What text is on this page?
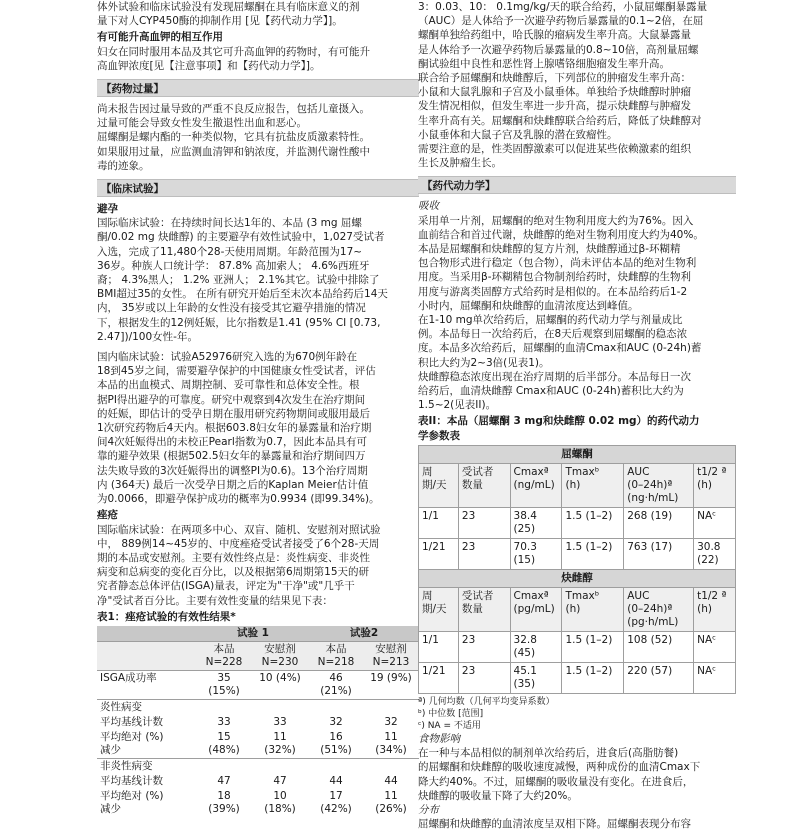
体外试验和临床试验没有发现屈螺酮在具有临床意义的剂

量下对人CYP450酶的抑制作用 [见【药代动力学】]。

有可能升高血钾的相互作用

妇女在同时服用本品及其它可升高血钾的药物时，有可能升

高血钾浓度[见【注意事项】和【药代动力学】]。

【药物过量】

尚未报告因过量导致的严重不良反应报告，包括儿童摄入。

过量可能会导致女性发生撤退性出血和恶心。

屈螺酮是螺内酯的一种类似物，它具有抗盐皮质激素特性。

如果服用过量，应监测血清钾和钠浓度，并监测代谢性酸中

毒的迹象。

【临床试验】

避孕

国际临床试验：在持续时间长达1年的、本品 (3 mg 屈螺

酮/0.02 mg 炔雌醇) 的主要避孕有效性试验中，1,027受试者

入选，完成了11,480个28-天使用周期。年龄范围为17~

36岁。种族人口统计学： 87.8% 高加索人； 4.6%西班牙

裔； 4.3%黑人； 1.2% 亚洲人； 2.1%其它。试验中排除了

BMI超过35的女性。 在所有研究开始后至末次本品给药后14天

内， 35岁或以上年龄的女性没有接受其它避孕措施的情况

下，根据发生的12例妊娠，比尔指数是1.41 (95% CI [0.73,

2.47])/100女性-年。

国内临床试验：试验A52976研究入选的为670例年龄在

18到45岁之间，需要避孕保护的中国健康女性受试者，评估

本品的出血模式、周期控制、妥可靠性和总体安全性。根

据PI得出避孕的可靠度。研究中观察到4次发生在治疗期间

的妊娠，即估计的受孕日期在服用研究药物期间或服用最后

1次研究药物后4天内。根据603.8妇女年的暴露量和治疗期

间4次妊娠得出的未校正Pearl指数为0.7，因此本品具有可

靠的避孕效果 (根据502.5妇女年的暴露量和治疗期间四万

法失败导致的3次妊娠得出的调整PI为0.6)。13个治疗周期

内 (364天) 最后一次受孕日期之后的Kaplan Meier估计值

为0.0066，即避孕保护成功的概率为0.9934 (即99.34%)。

痤疮

国际临床试验：在两项多中心、双盲、随机、安慰剂对照试验

中， 889例14~45岁的、中度痤疮受试者接受了6个28-天周

期的本品或安慰剂。主要有效性终点是：炎性病变、非炎性

病变和总病变的变化百分比，以及根据第6周期第15天的研

究者静态总体评估(ISGA)量表，评定为"干净"或"几乎干

净"受试者百分比。主要有效性变量的结果见下表：

表1：痤疮试验的有效性结果*

	试验 1		试验2	
	本品
N=228	安慰剂
N=230	本品
N=218	安慰剂
N=213
ISGA成功率	35
(15%)	10 (4%)	46
(21%)	19 (9%)
炎性病变				
平均基线计数	33	33	32	32
平均绝对 (%)
减少	15
(48%)	11
(32%)	16
(51%)	11
(34%)
非炎性病变				
平均基线计数	47	47	44	44
平均绝对 (%)
减少	18
(39%)	10
(18%)	17
(42%)	11
(26%)

3：0.03、10： 0.1mg/kg/天的联合给药，小鼠屈螺酮暴露量

（AUC）是人体给予一次避孕药物后暴露量的0.1~2倍，在屈

螺酮单独给药组中，哈氏腺的瘤病发生率升高。大鼠暴露量

是人体给予一次避孕药物后暴露量的0.8~10倍，高剂量屈螺

酮试验组中良性和恶性肾上腺嗜铬细胞瘤发生率升高。

联合给予屈螺酮和炔雌醇后，下列部位的肿瘤发生率升高：

小鼠和大鼠乳腺和子宫及小鼠垂体。单独给予炔雌醇时肿瘤

发生情况相似，但发生率进一步升高，提示炔雌醇与肿瘤发

生率升高有关。屈螺酮和炔雌醇联合给药后，降低了炔雌醇对

小鼠垂体和大鼠子宫及乳腺的潜在致瘤性。

需要注意的是，性类固醇激素可以促进某些依赖激素的组织

生长及肿瘤生长。

【药代动力学】

吸收

采用单一片剂，屈螺酮的绝对生物利用度大约为76%。因入

血前结合和首过代谢，炔雌醇的绝对生物利用度大约为40%。

本品是屈螺酮和炔雌醇的复方片剂，炔雌醇通过β-环糊精

包合物形式进行稳定（包合物），尚未评估本品的绝对生物利

用度。当采用β-环糊精包合物制剂给药时，炔雌醇的生物利

用度与游离类固醇方式给药时是相似的。在本品给药后1-2

小时内，屈螺酮和炔雌醇的血清浓度达到峰值。

在1-10 mg单次给药后，屈螺酮的药代动力学与剂量成比

例。本品每日一次给药后，在8天后观察到屈螺酮的稳态浓

度。本品多次给药后，屈螺酮的血清Cmax和AUC (0-24h)蓄

积比大约为2~3倍(见表1)。

炔雌醇稳态浓度出现在治疗周期的后半部分。本品每日一次

给药后，血清炔雌醇 Cmax和AUC (0-24h)蓄积比大约为

1.5~2(见表II)。

表II：本品（屈螺酮 3 mg和炔雌醇 0.02 mg）的药代动力
学参数表

屈螺酮					
周
期/天	受试者
数量	Cmaxª
(ng/mL)	Tmaxᵇ
(h)	AUC
(0–24h)ª
(ng·h/mL)	t1/2 ª
(h)
1/1	23	38.4
(25)	1.5 (1–2)	268 (19)	NAᶜ
1/21	23	70.3
(15)	1.5 (1–2)	763 (17)	30.8
(22)
炔雌醇					
周
期/天	受试者
数量	Cmaxª
(pg/mL)	Tmaxᵇ
(h)	AUC
(0–24h)ª
(pg·h/mL)	t1/2 ª
(h)
1/1	23	32.8
(45)	1.5 (1–2)	108 (52)	NAᶜ
1/21	23	45.1
(35)	1.5 (1–2)	220 (57)	NAᶜ

ª) 几何均数（几何平均变异系数）

ᵇ) 中位数 [范围]

ᶜ) NA = 不适用

食物影响

在一种与本品相似的制剂单次给药后，进食后(高脂肪餐)

的屈螺酮和炔雌醇的吸收速度减慢，两种成份的血清Cmax下

降大约40%。不过，屈螺酮的吸收量没有变化。在进食后，

炔雌醇的吸收量下降了大约20%。

分布

屈螺酮和炔雌醇的血清浓度呈双相下降。屈螺酮表现分布容
